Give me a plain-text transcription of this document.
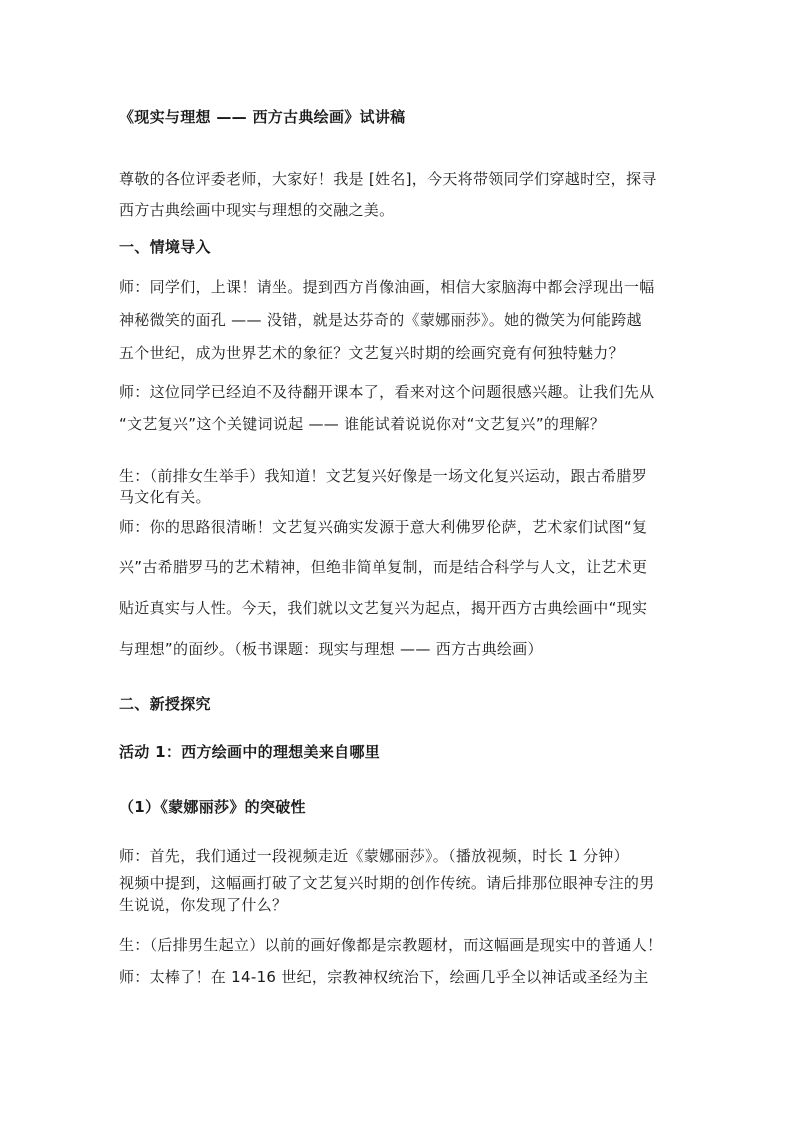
《现实与理想 —— 西方古典绘画》试讲稿
尊敬的各位评委老师，大家好！我是 [姓名]，今天将带领同学们穿越时空，探寻
西方古典绘画中现实与理想的交融之美。
一、情境导入
师：同学们，上课！请坐。提到西方肖像油画，相信大家脑海中都会浮现出一幅
神秘微笑的面孔 —— 没错，就是达芬奇的《蒙娜丽莎》。她的微笑为何能跨越
五个世纪，成为世界艺术的象征？文艺复兴时期的绘画究竟有何独特魅力？
师：这位同学已经迫不及待翻开课本了，看来对这个问题很感兴趣。让我们先从
“文艺复兴”这个关键词说起 —— 谁能试着说说你对“文艺复兴”的理解？
生：（前排女生举手）我知道！文艺复兴好像是一场文化复兴运动，跟古希腊罗
马文化有关。
师：你的思路很清晰！文艺复兴确实发源于意大利佛罗伦萨，艺术家们试图“复
兴”古希腊罗马的艺术精神，但绝非简单复制，而是结合科学与人文，让艺术更
贴近真实与人性。今天，我们就以文艺复兴为起点，揭开西方古典绘画中“现实
与理想”的面纱。（板书课题：现实与理想 —— 西方古典绘画）
二、新授探究
活动 1：西方绘画中的理想美来自哪里
（1）《蒙娜丽莎》的突破性
师：首先，我们通过一段视频走近《蒙娜丽莎》。（播放视频，时长 1 分钟）
视频中提到，这幅画打破了文艺复兴时期的创作传统。请后排那位眼神专注的男
生说说，你发现了什么？
生：（后排男生起立）以前的画好像都是宗教题材，而这幅画是现实中的普通人！
师：太棒了！在 14-16 世纪，宗教神权统治下，绘画几乎全以神话或圣经为主
